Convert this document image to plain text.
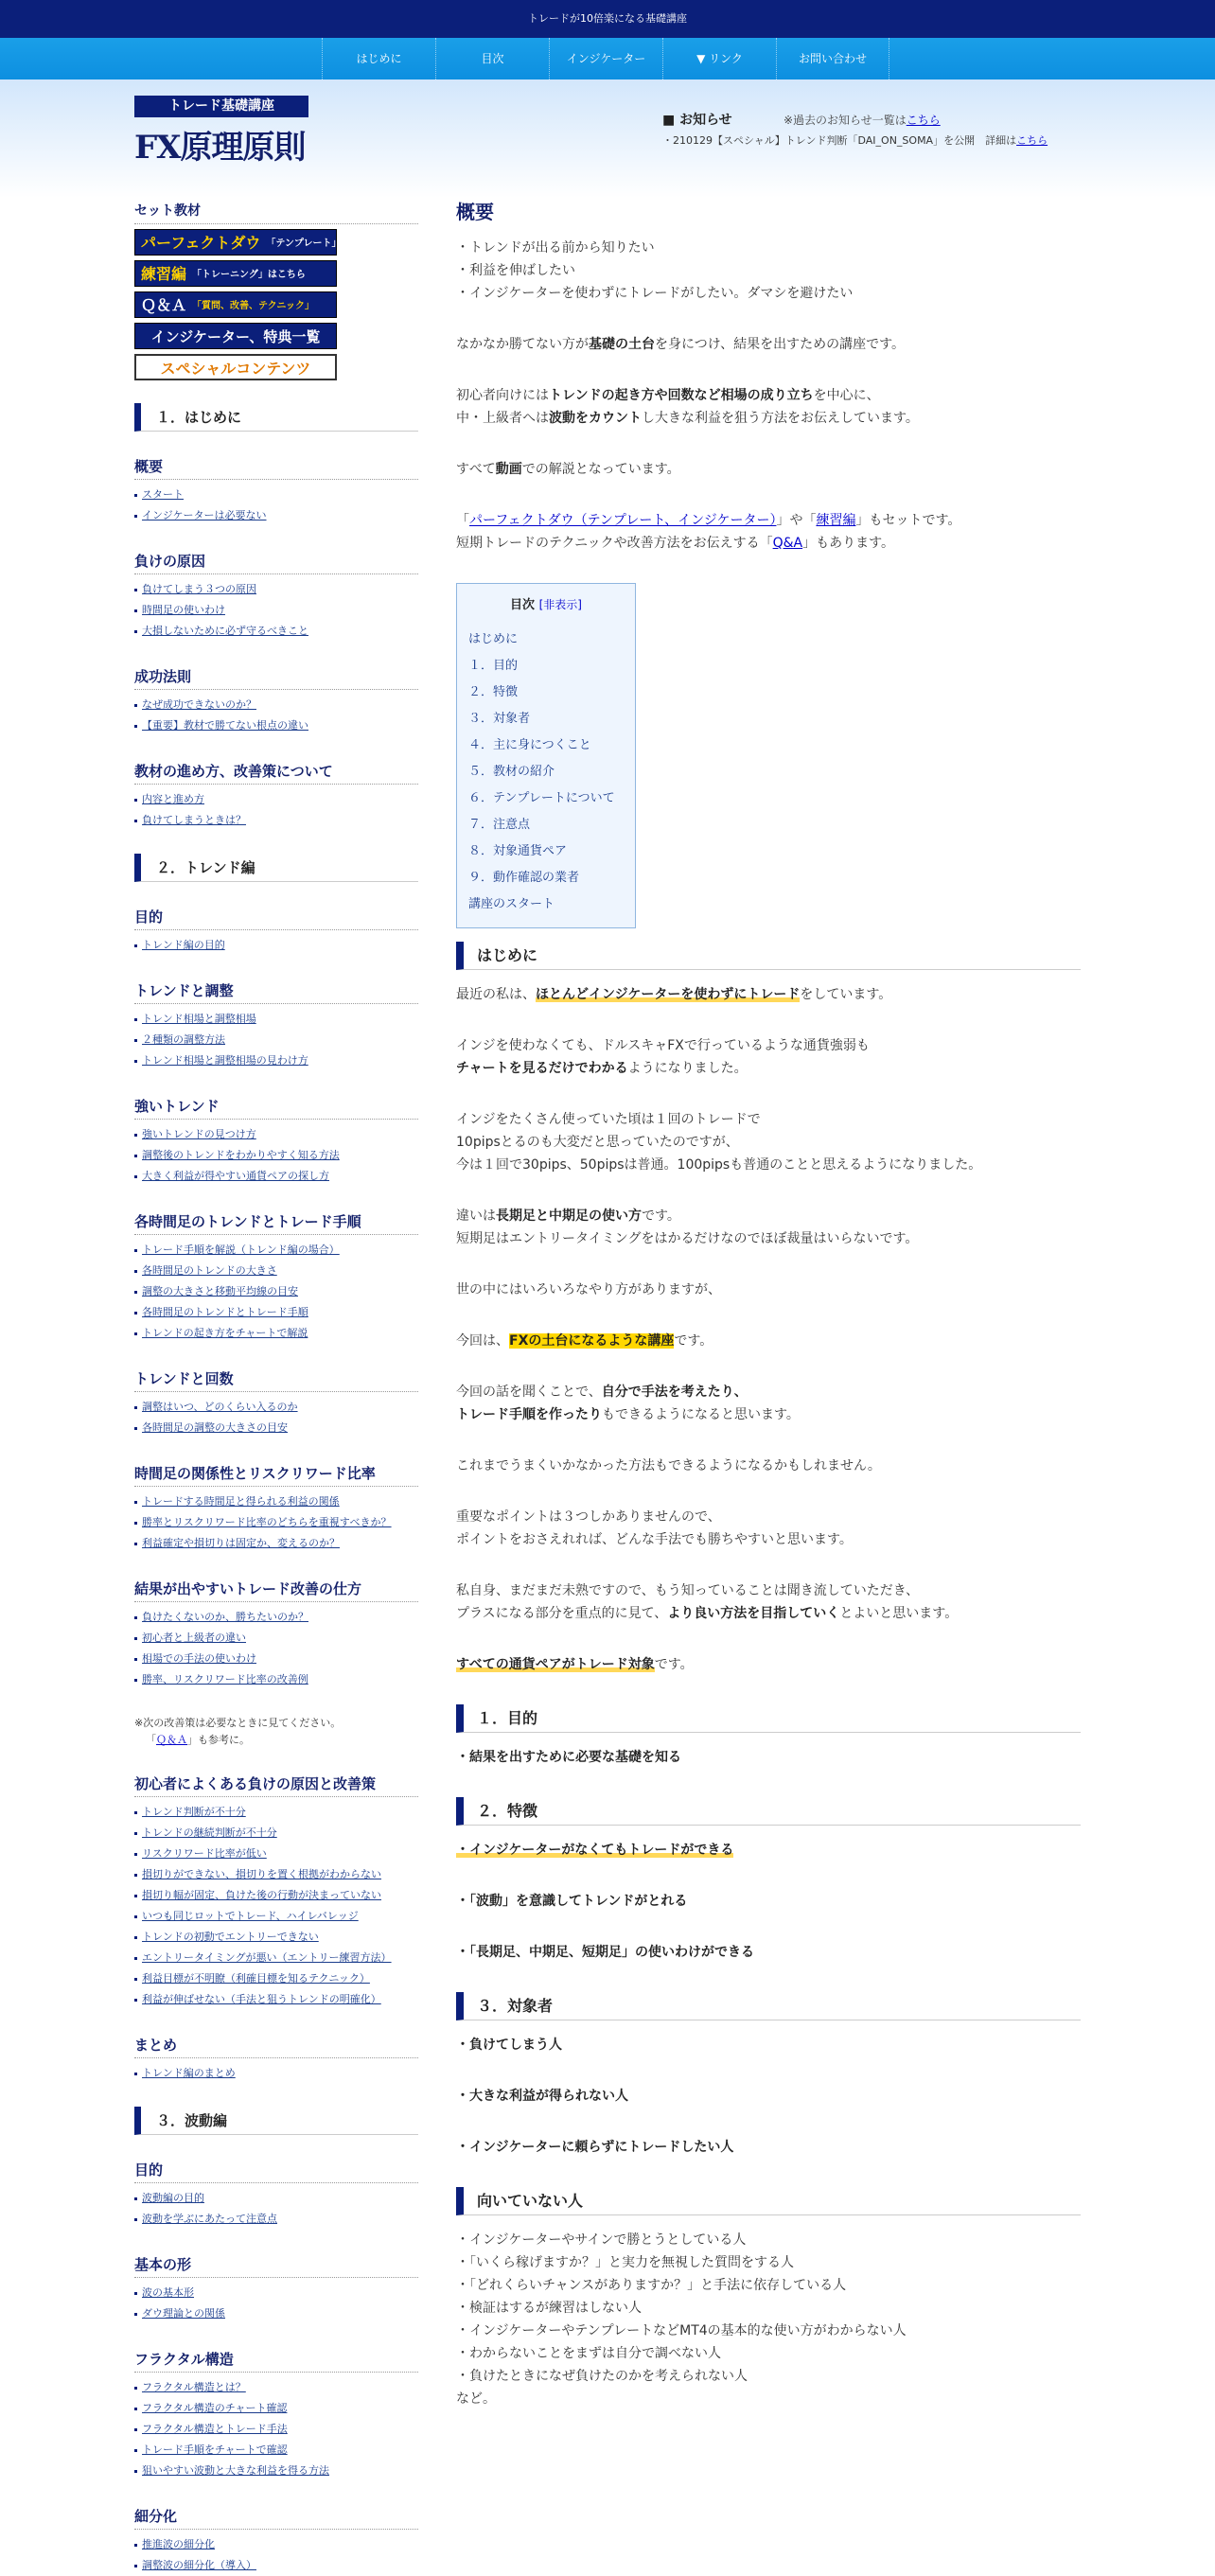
トレードが10倍楽になる基礎講座
はじめに	目次	インジケーター	▼ リンク	お問い合わせ
トレード基礎講座
FX原理原則
■ お知らせ	※過去のお知らせ一覧はこちら
・210129【スペシャル】トレンド判断「DAI_ON_SOMA」を公開　詳細はこちら
セット教材
パーフェクトダウ 「テンプレート」「インジ」はこちら
練習編 「トレーニング」はこちら
Ｑ＆Ａ 「質問、改善、テクニック」
インジケーター、特典一覧
スペシャルコンテンツ
１．はじめに
概要
スタート
インジケーターは必要ない
負けの原因
負けてしまう３つの原因
時間足の使いわけ
大損しないために必ず守るべきこと
成功法則
なぜ成功できないのか？
【重要】教材で勝てない根点の違い
教材の進め方、改善策について
内容と進め方
負けてしまうときは？
２．トレンド編
目的
トレンド編の目的
トレンドと調整
トレンド相場と調整相場
２種類の調整方法
トレンド相場と調整相場の見わけ方
強いトレンド
強いトレンドの見つけ方
調整後のトレンドをわかりやすく知る方法
大きく利益が得やすい通貨ペアの探し方
各時間足のトレンドとトレード手順
トレード手順を解説（トレンド編の場合）
各時間足のトレンドの大きさ
調整の大きさと移動平均線の目安
各時間足のトレンドとトレード手順
トレンドの起き方をチャートで解説
トレンドと回数
調整はいつ、どのくらい入るのか
各時間足の調整の大きさの目安
時間足の関係性とリスクリワード比率
トレードする時間足と得られる利益の関係
勝率とリスクリワード比率のどちらを重視すべきか？
利益確定や損切りは固定か、変えるのか？
結果が出やすいトレード改善の仕方
負けたくないのか、勝ちたいのか？
初心者と上級者の違い
相場での手法の使いわけ
勝率、リスクリワード比率の改善例
※次の改善策は必要なときに見てください。
「Ｑ＆Ａ」も参考に。
初心者によくある負けの原因と改善策
トレンド判断が不十分
トレンドの継続判断が不十分
リスクリワード比率が低い
損切りができない、損切りを置く根拠がわからない
損切り幅が固定、負けた後の行動が決まっていない
いつも同じロットでトレード、ハイレバレッジ
トレンドの初動でエントリーできない
エントリータイミングが悪い（エントリー練習方法）
利益目標が不明瞭（利確目標を知るテクニック）
利益が伸ばせない（手法と狙うトレンドの明確化）
まとめ
トレンド編のまとめ
３．波動編
目的
波動編の目的
波動を学ぶにあたって注意点
基本の形
波の基本形
ダウ理論との関係
フラクタル構造
フラクタル構造とは？
フラクタル構造のチャート確認
フラクタル構造とトレード手法
トレード手順をチャートで確認
狙いやすい波動と大きな利益を得る方法
細分化
推進波の細分化
調整波の細分化（導入）
概要

・トレンドが出る前から知りたい
・利益を伸ばしたい
・インジケーターを使わずにトレードがしたい。ダマシを避けたい

なかなか勝てない方が基礎の土台を身につけ、結果を出すための講座です。

初心者向けにはトレンドの起き方や回数など相場の成り立ちを中心に、
中・上級者へは波動をカウントし大きな利益を狙う方法をお伝えしています。

すべて動画での解説となっています。

「パーフェクトダウ（テンプレート、インジケーター）」や「練習編」もセットです。
短期トレードのテクニックや改善方法をお伝えする「Q&A」もあります。

目次 [非表示]
はじめに
１．目的
２．特徴
３．対象者
４．主に身につくこと
５．教材の紹介
６．テンプレートについて
７．注意点
８．対象通貨ペア
９．動作確認の業者
講座のスタート
はじめに

最近の私は、ほとんどインジケーターを使わずにトレードをしています。

インジを使わなくても、ドルスキャFXで行っているような通貨強弱も
チャートを見るだけでわかるようになりました。

インジをたくさん使っていた頃は１回のトレードで
10pipsとるのも大変だと思っていたのですが、
今は１回で30pips、50pipsは普通。100pipsも普通のことと思えるようになりました。

違いは長期足と中期足の使い方です。
短期足はエントリータイミングをはかるだけなのでほぼ裁量はいらないです。

世の中にはいろいろなやり方がありますが、

今回は、FXの土台になるような講座です。

今回の話を聞くことで、自分で手法を考えたり、
トレード手順を作ったりもできるようになると思います。

これまでうまくいかなかった方法もできるようになるかもしれません。

重要なポイントは３つしかありませんので、
ポイントをおさえれれば、どんな手法でも勝ちやすいと思います。

私自身、まだまだ未熟ですので、もう知っていることは聞き流していただき、
プラスになる部分を重点的に見て、より良い方法を目指していくとよいと思います。

すべての通貨ペアがトレード対象です。

１．目的

・結果を出すために必要な基礎を知る

２．特徴

・インジケーターがなくてもトレードができる

・「波動」を意識してトレンドがとれる

・「長期足、中期足、短期足」の使いわけができる

３．対象者

・負けてしまう人

・大きな利益が得られない人

・インジケーターに頼らずにトレードしたい人

向いていない人

・インジケーターやサインで勝とうとしている人
・「いくら稼げますか？」と実力を無視した質問をする人
・「どれくらいチャンスがありますか？」と手法に依存している人
・検証はするが練習はしない人
・インジケーターやテンプレートなどMT4の基本的な使い方がわからない人
・わからないことをまずは自分で調べない人
・負けたときになぜ負けたのかを考えられない人
など。
